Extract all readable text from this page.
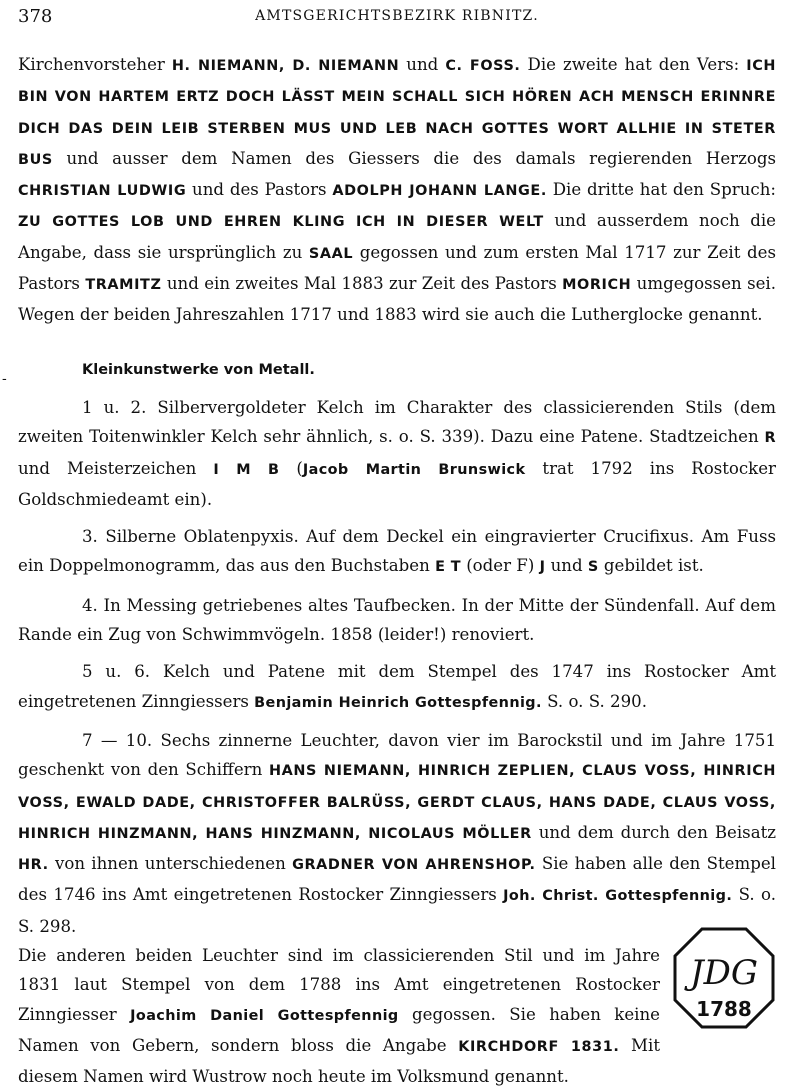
378	AMTSGERICHTSBEZIRK RIBNITZ.

Kirchenvorsteher H. NIEMANN, D. NIEMANN und C. FOSS. Die zweite hat den Vers: ICH BIN VON HARTEM ERTZ DOCH LÄSST MEIN SCHALL SICH HÖREN ACH MENSCH ERINNRE DICH DAS DEIN LEIB STERBEN MUS UND LEB NACH GOTTES WORT ALLHIE IN STETER BUS und ausser dem Namen des Giessers die des damals regierenden Herzogs CHRISTIAN LUDWIG und des Pastors ADOLPH JOHANN LANGE. Die dritte hat den Spruch: ZU GOTTES LOB UND EHREN KLING ICH IN DIESER WELT und ausserdem noch die Angabe, dass sie ursprünglich zu SAAL gegossen und zum ersten Mal 1717 zur Zeit des Pastors TRAMITZ und ein zweites Mal 1883 zur Zeit des Pastors MORICH umgegossen sei. Wegen der beiden Jahreszahlen 1717 und 1883 wird sie auch die Lutherglocke genannt.

Kleinkunstwerke von Metall.

1 u. 2. Silbervergoldeter Kelch im Charakter des classicierenden Stils (dem zweiten Toitenwinkler Kelch sehr ähnlich, s. o. S. 339). Dazu eine Patene. Stadtzeichen R und Meisterzeichen I M B (Jacob Martin Brunswick trat 1792 ins Rostocker Goldschmiedeamt ein).

3. Silberne Oblatenpyxis. Auf dem Deckel ein eingravierter Crucifixus. Am Fuss ein Doppelmonogramm, das aus den Buchstaben E T (oder F) J und S gebildet ist.

4. In Messing getriebenes altes Taufbecken. In der Mitte der Sündenfall. Auf dem Rande ein Zug von Schwimmvögeln. 1858 (leider!) renoviert.

5 u. 6. Kelch und Patene mit dem Stempel des 1747 ins Rostocker Amt eingetretenen Zinngiessers Benjamin Heinrich Gottespfennig. S. o. S. 290.

7 — 10. Sechs zinnerne Leuchter, davon vier im Barockstil und im Jahre 1751 geschenkt von den Schiffern HANS NIEMANN, HINRICH ZEPLIEN, CLAUS VOSS, HINRICH VOSS, EWALD DADE, CHRISTOFFER BALRÜSS, GERDT CLAUS, HANS DADE, CLAUS VOSS, HINRICH HINZMANN, HANS HINZMANN, NICOLAUS MÖLLER und dem durch den Beisatz HR. von ihnen unterschiedenen GRADNER VON AHRENSHOP. Sie haben alle den Stempel des 1746 ins Amt eingetretenen Rostocker Zinngiessers Joh. Christ. Gottespfennig. S. o. S. 298.

Die anderen beiden Leuchter sind im classicierenden Stil und im Jahre 1831 laut Stempel von dem 1788 ins Amt eingetretenen Rostocker Zinngiesser Joachim Daniel Gottespfennig gegossen. Sie haben keine Namen von Gebern, sondern bloss die Angabe KIRCHDORF 1831. Mit diesem Namen wird Wustrow noch heute im Volksmund genannt.

-
JDG
1788
